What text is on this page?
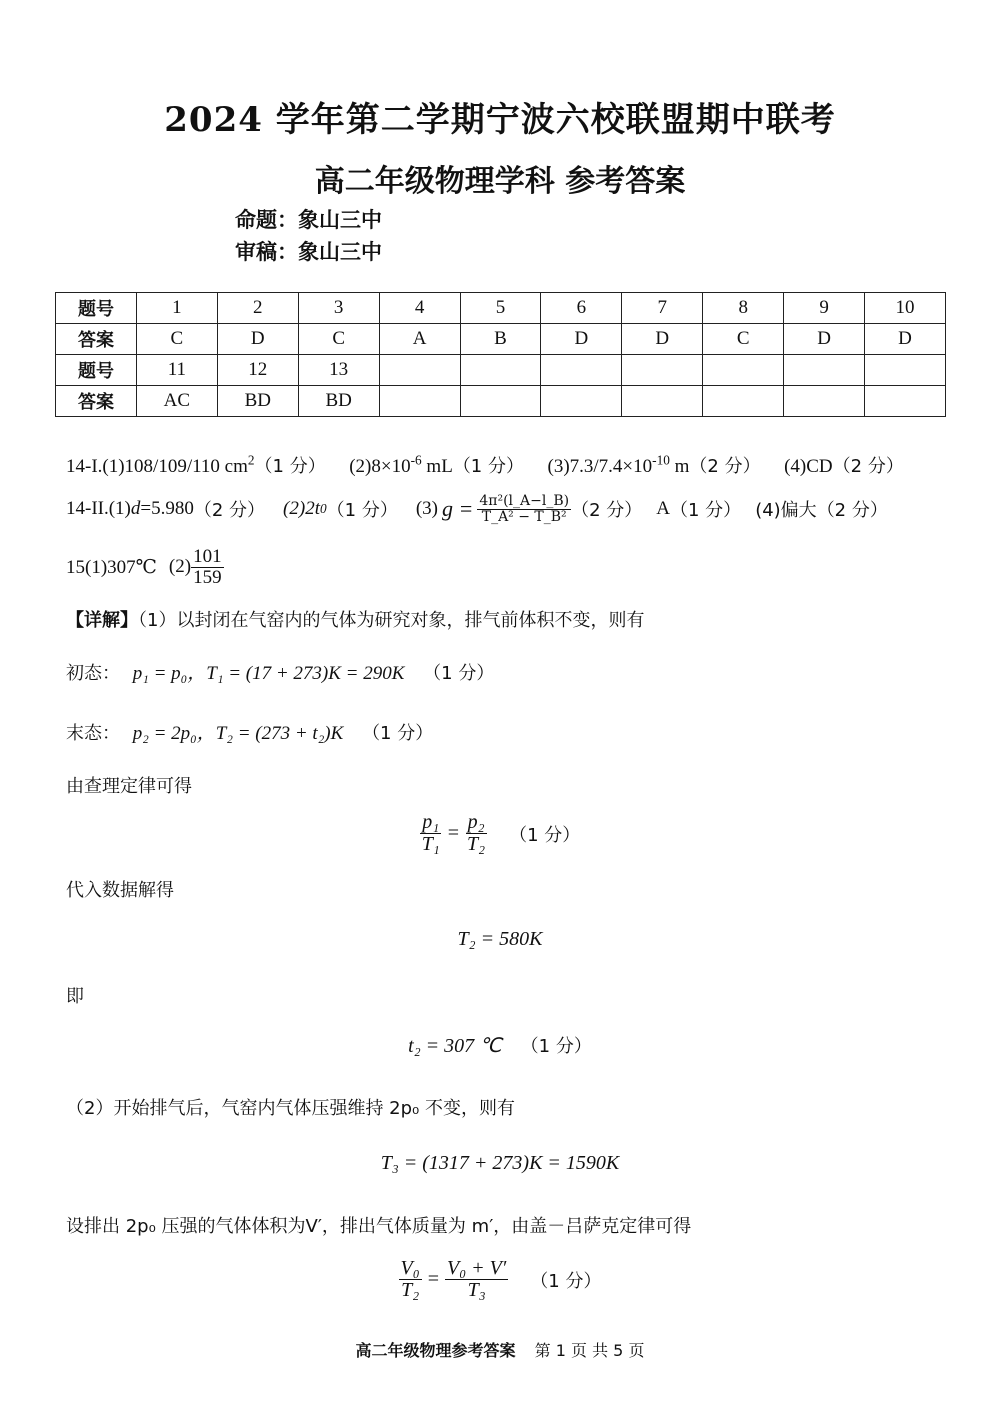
2024 学年第二学期宁波六校联盟期中联考
高二年级物理学科 参考答案
命题：象山三中
审稿：象山三中
题号	1	2	3	4	5	6	7	8	9	10
答案	C	D	C	A	B	D	D	C	D	D
题号	11	12	13							
答案	AC	BD	BD							
14-I.(1)108/109/110 $cm^2(1$ 分） $(2)8\times 10^{-6}$ mL（1 分） $(3)7.3/7.4\times 10^{-10}$ m（2 分） (4)CD（2 分）
14-II.(1) d =5.980 （2 分） (2)2t 0 （1 分） (3) $g = \frac{\text{4π²(l\_A−l\_B)}}{\text{T\_A² − T\_B²}} (2$ 分） A （1 分） (4)偏大 （2 分）
15(1)307℃ $(2) \frac{101}{159}$
【详解】（1）以封闭在气窑内的气体为研究对象，排气前体积不变，则有
初态： p₁ = p₀，T₁ = (17 + 273)K = 290K （1 分）
末态： p₂ = 2p₀，T₂ = (273 + t₂)K （1 分）
由查理定律可得
$\frac{\text{p₁}}{\text{T₁}} = \frac{\text{p₂}}{\text{T₂}} (1$ 分）
代入数据解得
T₂ = 580K
即
t₂ = 307 ℃ （1 分）
（2）开始排气后，气窑内气体压强维持 2p₀ 不变，则有
T₃ = (1317 + 273)K = 1590K
设排出 2p₀ 压强的气体体积为V′，排出气体质量为 m′，由盖－吕萨克定律可得
$\frac{\text{V₀}}{\text{T₂}} = \frac{\text{V₀ + V′}}{\text{T₃}} (1$ 分）
高二年级物理参考答案 第 1 页 共 5 页
